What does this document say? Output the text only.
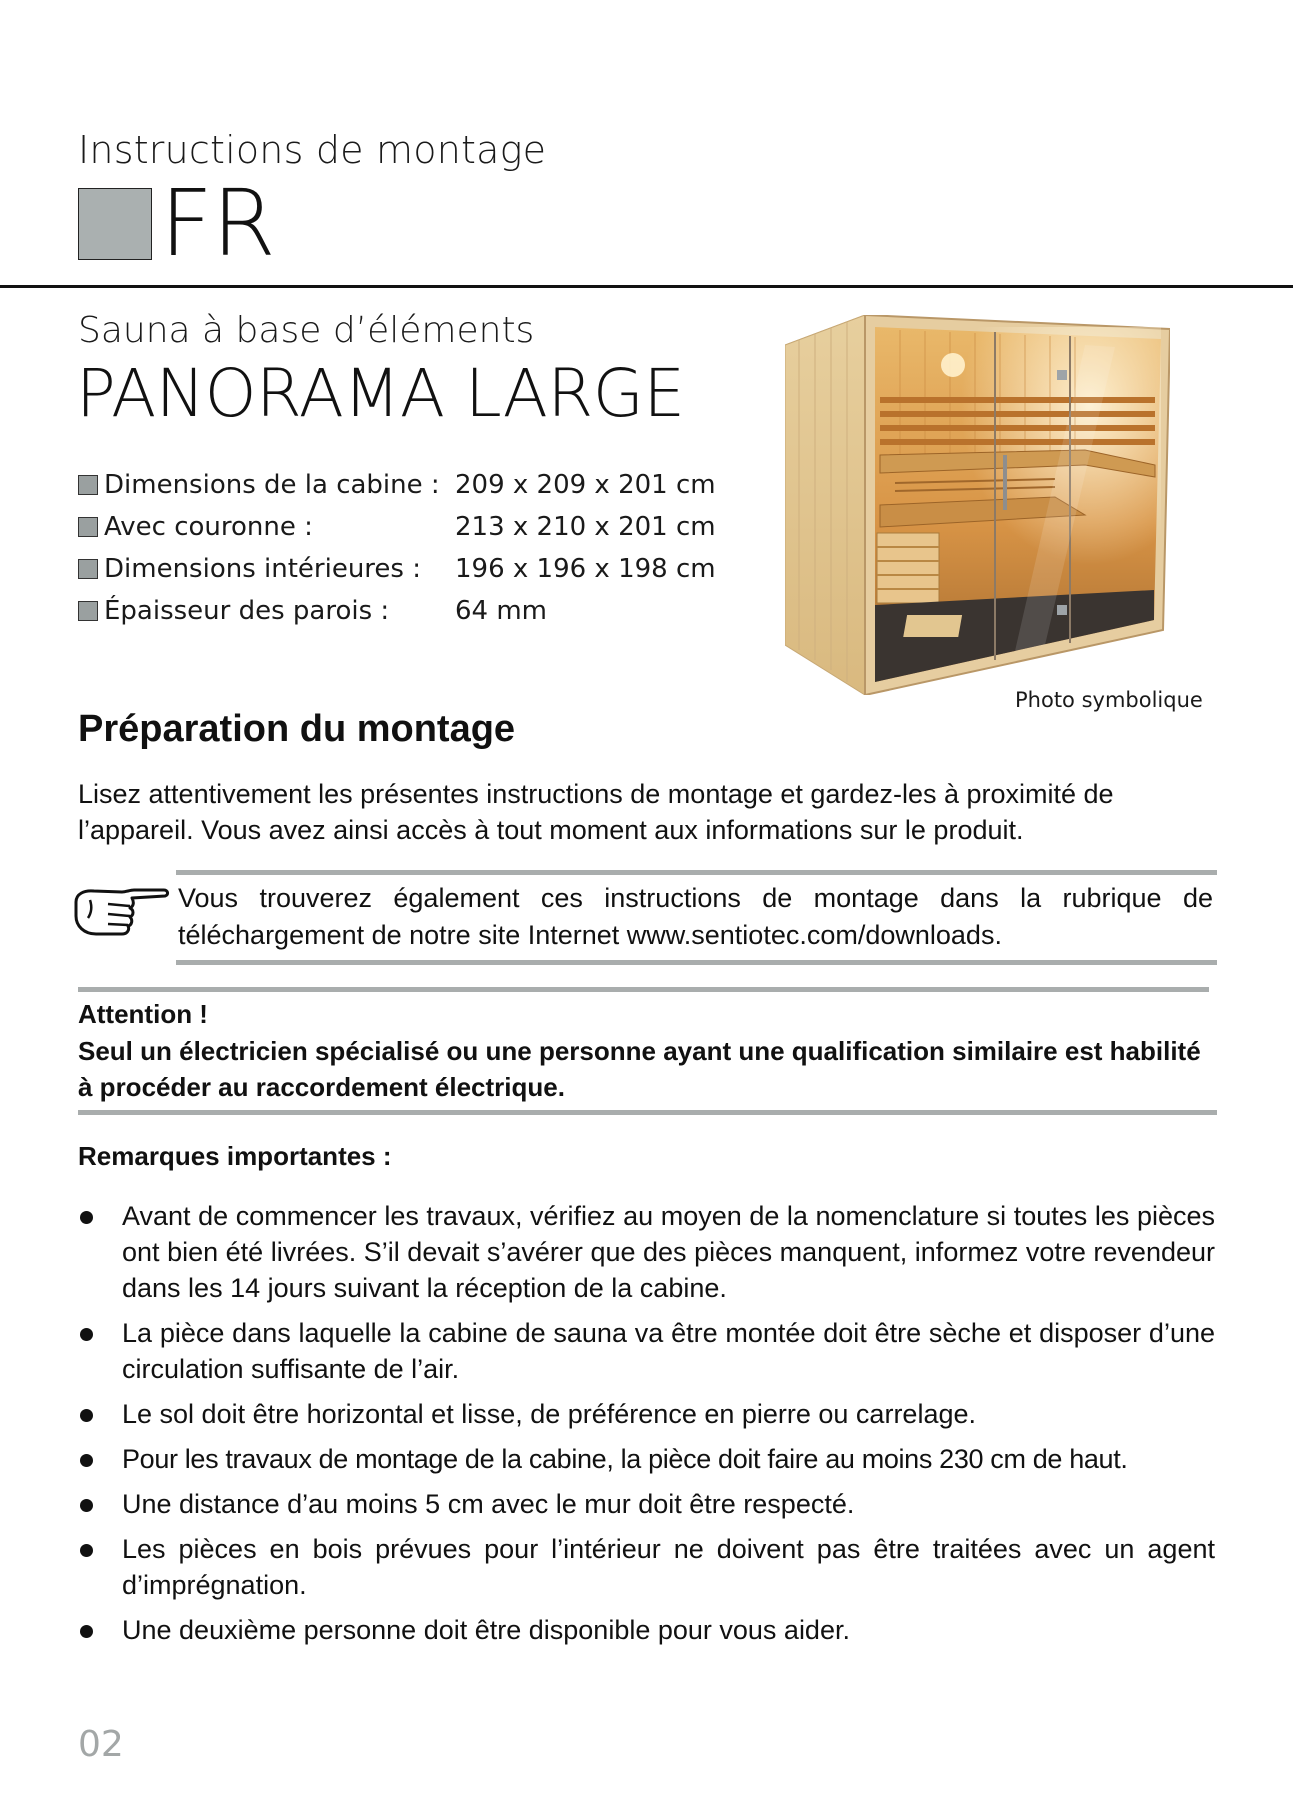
Instructions de montage
FR
Sauna à base d’éléments
PANORAMA LARGE
Dimensions de la cabine : 209 x 209 x 201 cm
Avec couronne :	213 x 210 x 201 cm
Dimensions intérieures :	196 x 196 x 198 cm
Épaisseur des parois :	64 mm
Photo symbolique
Préparation du montage
Lisez attentivement les présentes instructions de montage et gardez-les à proximité de l’appareil. Vous avez ainsi accès à tout moment aux informations sur le produit.
Vous trouverez également ces instructions de montage dans la rubrique de téléchargement de notre site Internet www.sentiotec.com/downloads.
Attention !
Seul un électricien spécialisé ou une personne ayant une qualification similaire est habilité à procéder au raccordement électrique.
Remarques importantes :
Avant de commencer les travaux, vérifiez au moyen de la nomenclature si toutes les pièces ont bien été livrées. S’il devait s’avérer que des pièces manquent, informez votre revendeur dans les 14 jours suivant la réception de la cabine.
La pièce dans laquelle la cabine de sauna va être montée doit être sèche et disposer d’une circulation suffisante de l’air.
Le sol doit être horizontal et lisse, de préférence en pierre ou carrelage.
Pour les travaux de montage de la cabine, la pièce doit faire au moins 230 cm de haut.
Une distance d’au moins 5 cm avec le mur doit être respecté.
Les pièces en bois prévues pour l’intérieur ne doivent pas être traitées avec un agent d’imprégnation.
Une deuxième personne doit être disponible pour vous aider.
02
